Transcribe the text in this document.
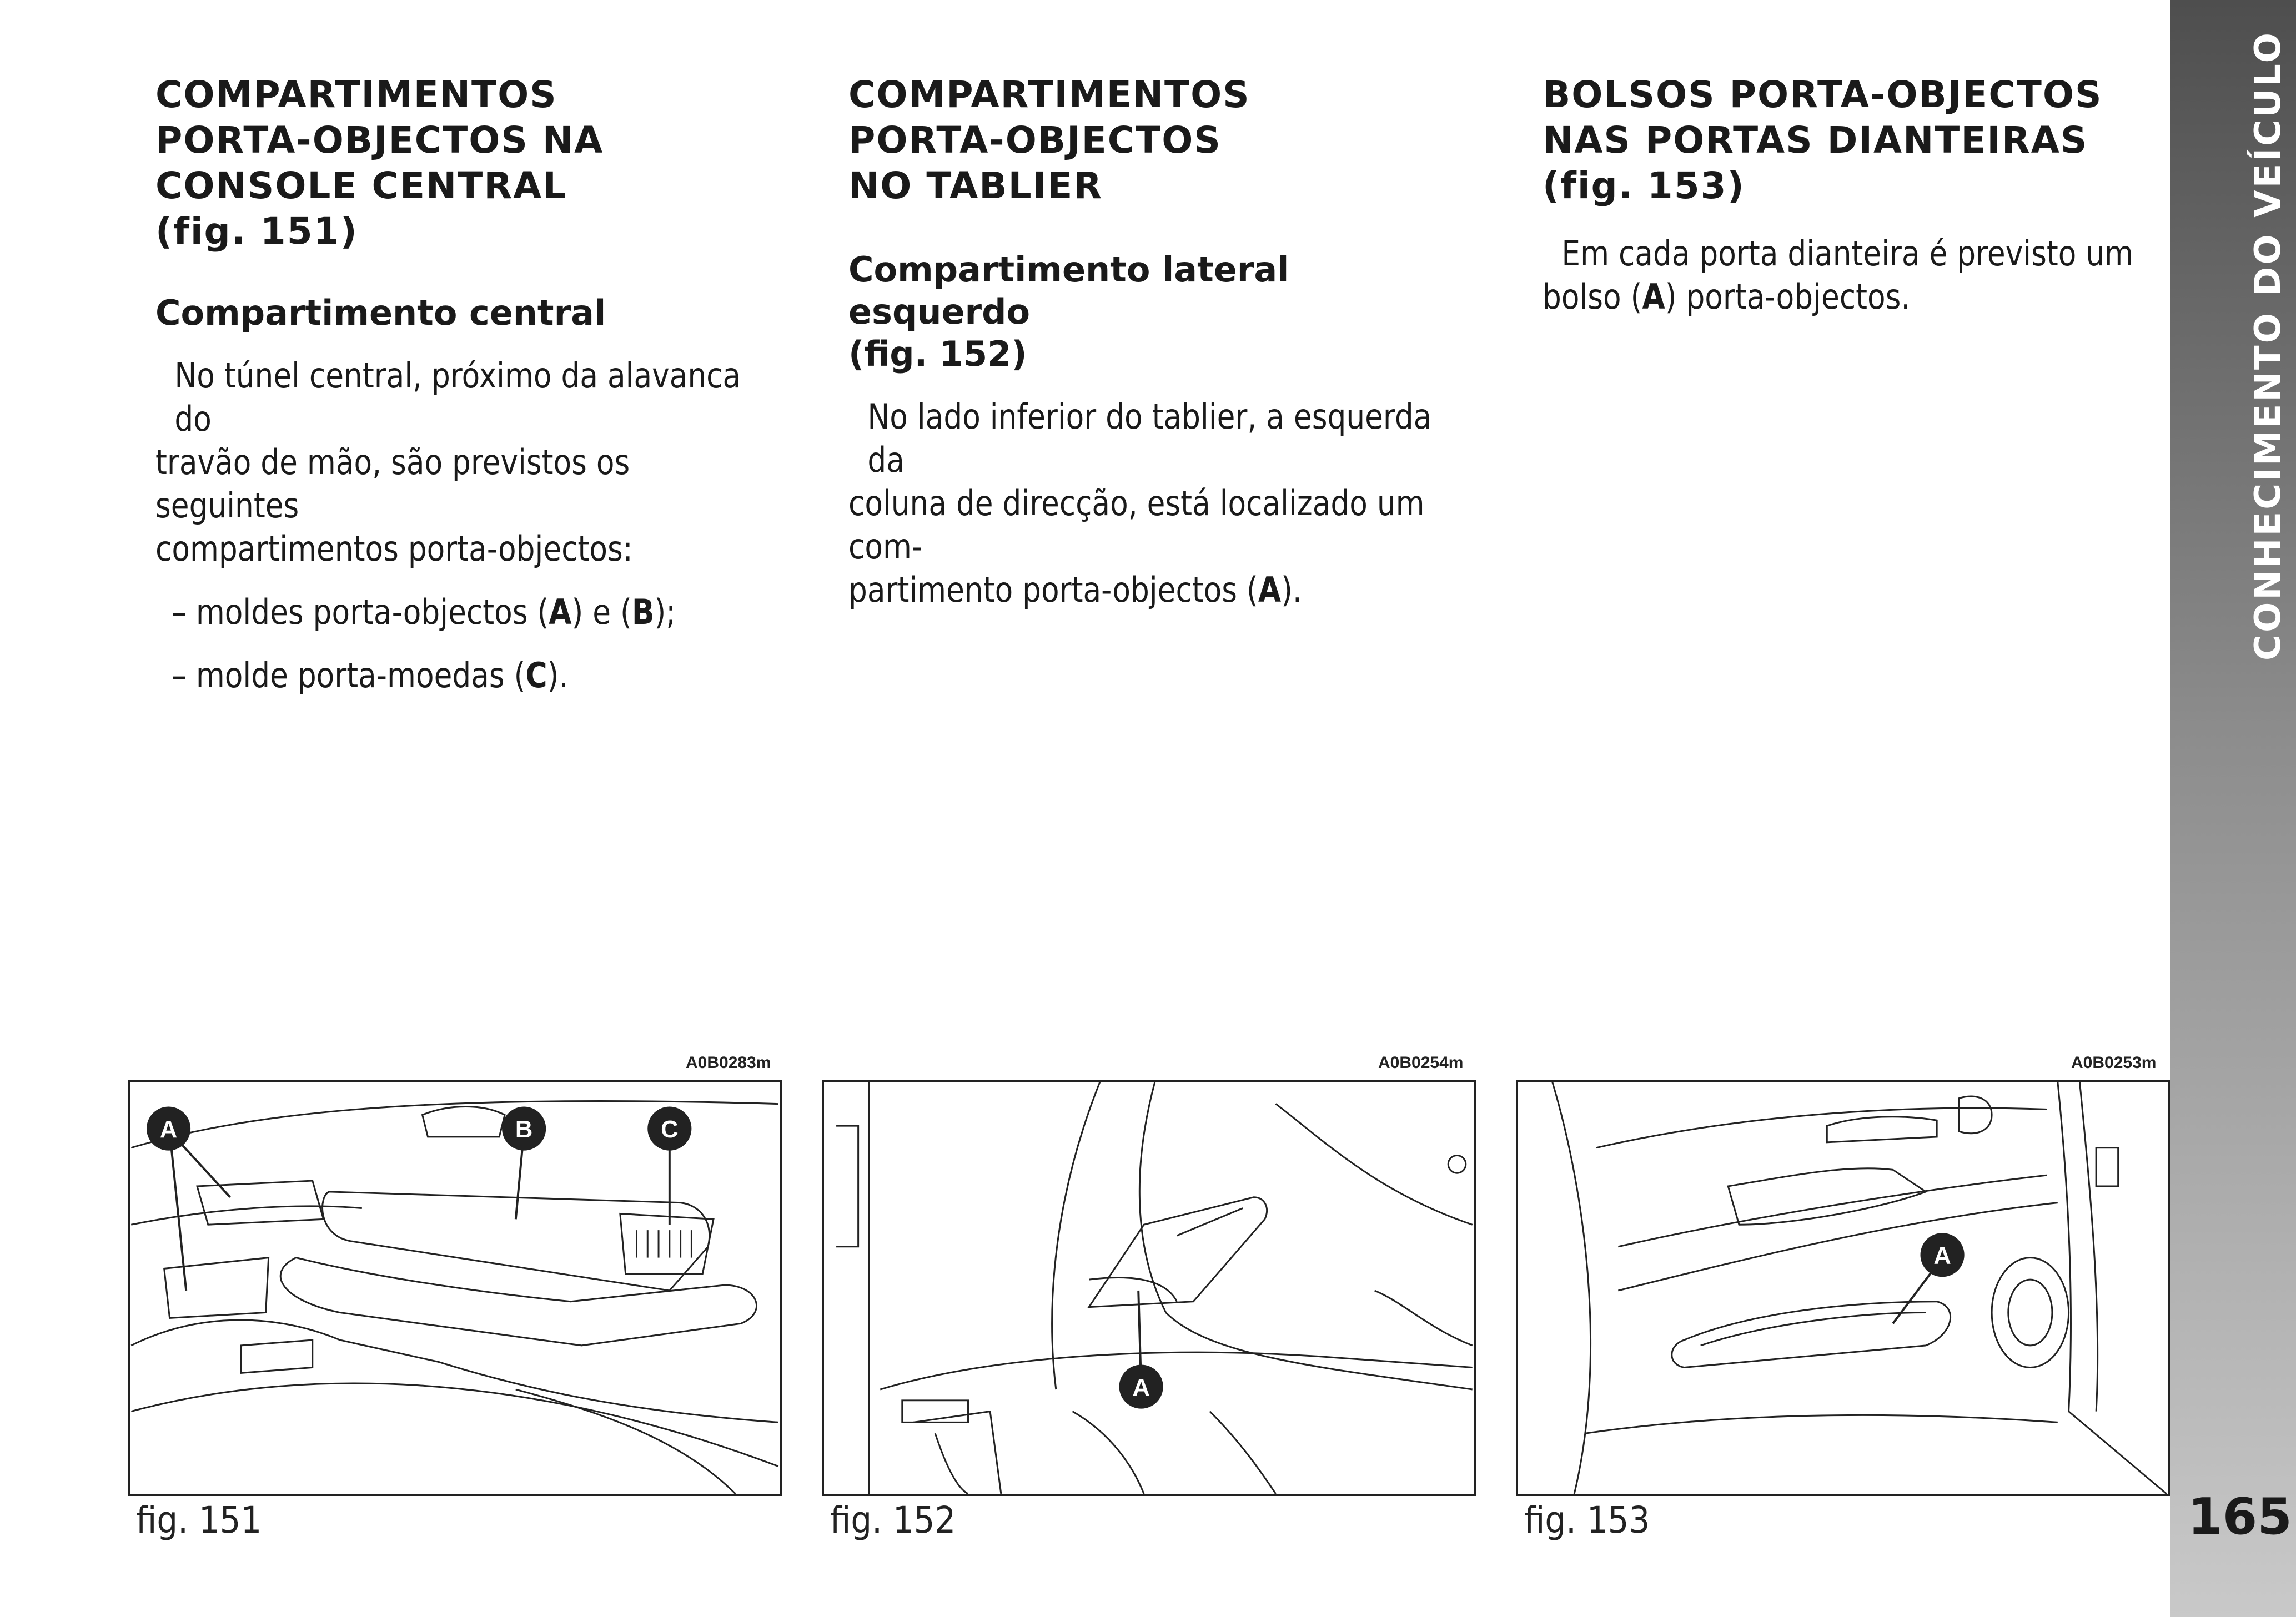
COMPARTIMENTOS
PORTA-OBJECTOS NA
CONSOLE CENTRAL
(fig. 151)
Compartimento central
No túnel central, próximo da alavanca do
travão de mão, são previstos os seguintes
compartimentos porta-objectos:
– moldes porta-objectos (A) e (B);
– molde porta-moedas (C).
COMPARTIMENTOS
PORTA-OBJECTOS
NO TABLIER
Compartimento lateral esquerdo
(fig. 152)
No lado inferior do tablier, a esquerda da
coluna de direcção, está localizado um com-
partimento porta-objectos (A).
BOLSOS PORTA-OBJECTOS
NAS PORTAS DIANTEIRAS
(fig. 153)
Em cada porta dianteira é previsto um
bolso (A) porta-objectos.
A0B0283m
A	B	C
fig. 151
A0B0254m
A
fig. 152
A0B0253m
A
fig. 153
CONHECIMENTO DO VEÍCULO
165
